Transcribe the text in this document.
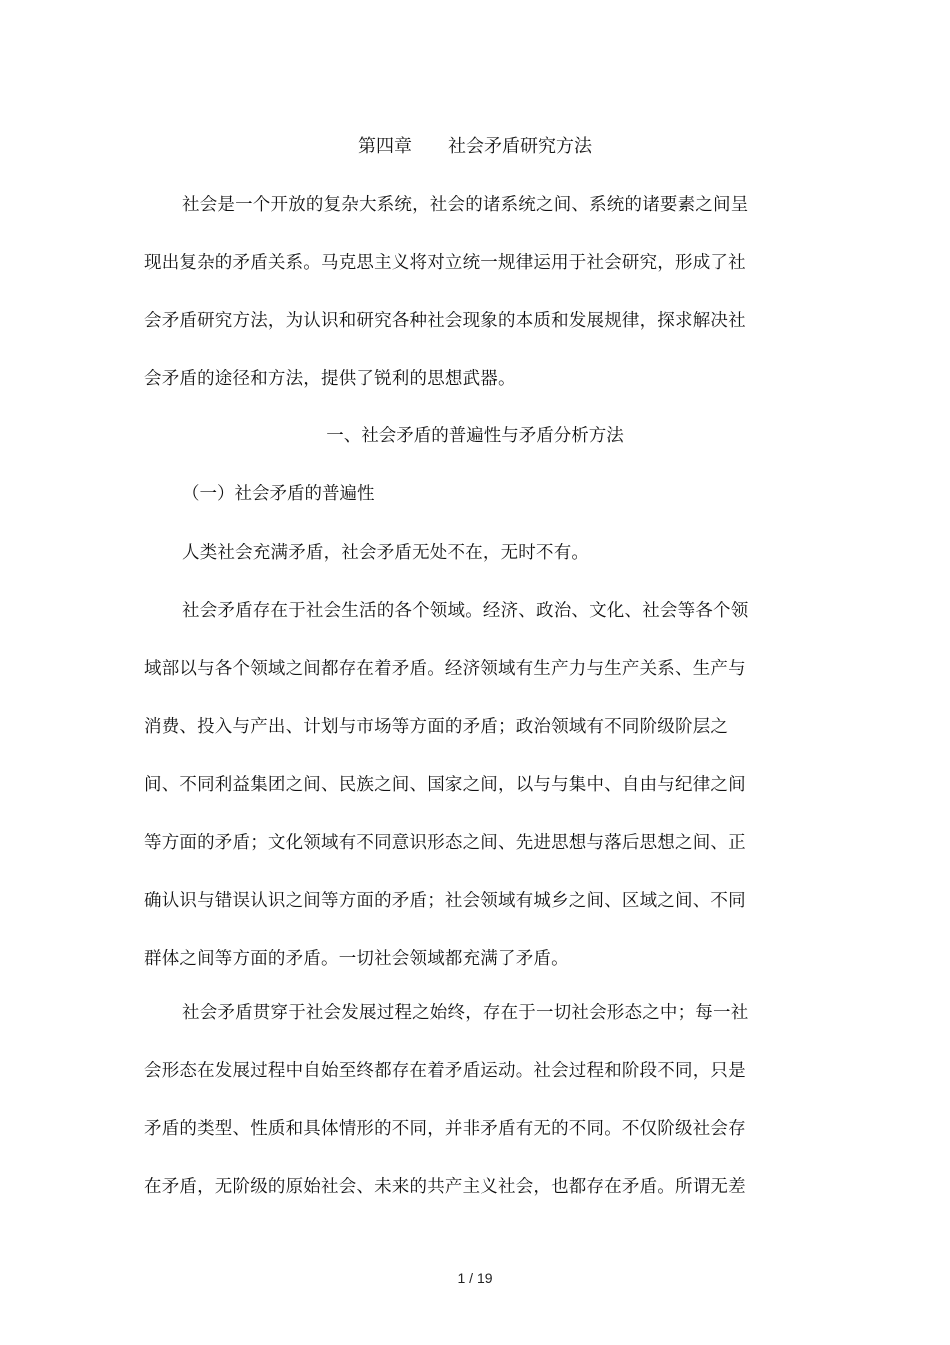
第四章　　社会矛盾研究方法

社会是一个开放的复杂大系统，社会的诸系统之间、系统的诸要素之间呈
现出复杂的矛盾关系。马克思主义将对立统一规律运用于社会研究，形成了社
会矛盾研究方法，为认识和研究各种社会现象的本质和发展规律，探求解决社
会矛盾的途径和方法，提供了锐利的思想武器。

一、社会矛盾的普遍性与矛盾分析方法
（一）社会矛盾的普遍性

人类社会充满矛盾，社会矛盾无处不在，无时不有。

社会矛盾存在于社会生活的各个领域。经济、政治、文化、社会等各个领
域部以与各个领域之间都存在着矛盾。经济领域有生产力与生产关系、生产与
消费、投入与产出、计划与市场等方面的矛盾；政治领域有不同阶级阶层之
间、不同利益集团之间、民族之间、国家之间，以与与集中、自由与纪律之间
等方面的矛盾；文化领域有不同意识形态之间、先进思想与落后思想之间、正
确认识与错误认识之间等方面的矛盾；社会领域有城乡之间、区域之间、不同
群体之间等方面的矛盾。一切社会领域都充满了矛盾。

社会矛盾贯穿于社会发展过程之始终，存在于一切社会形态之中；每一社
会形态在发展过程中自始至终都存在着矛盾运动。社会过程和阶段不同，只是
矛盾的类型、性质和具体情形的不同，并非矛盾有无的不同。不仅阶级社会存
在矛盾，无阶级的原始社会、未来的共产主义社会，也都存在矛盾。所谓无差

1 / 19
